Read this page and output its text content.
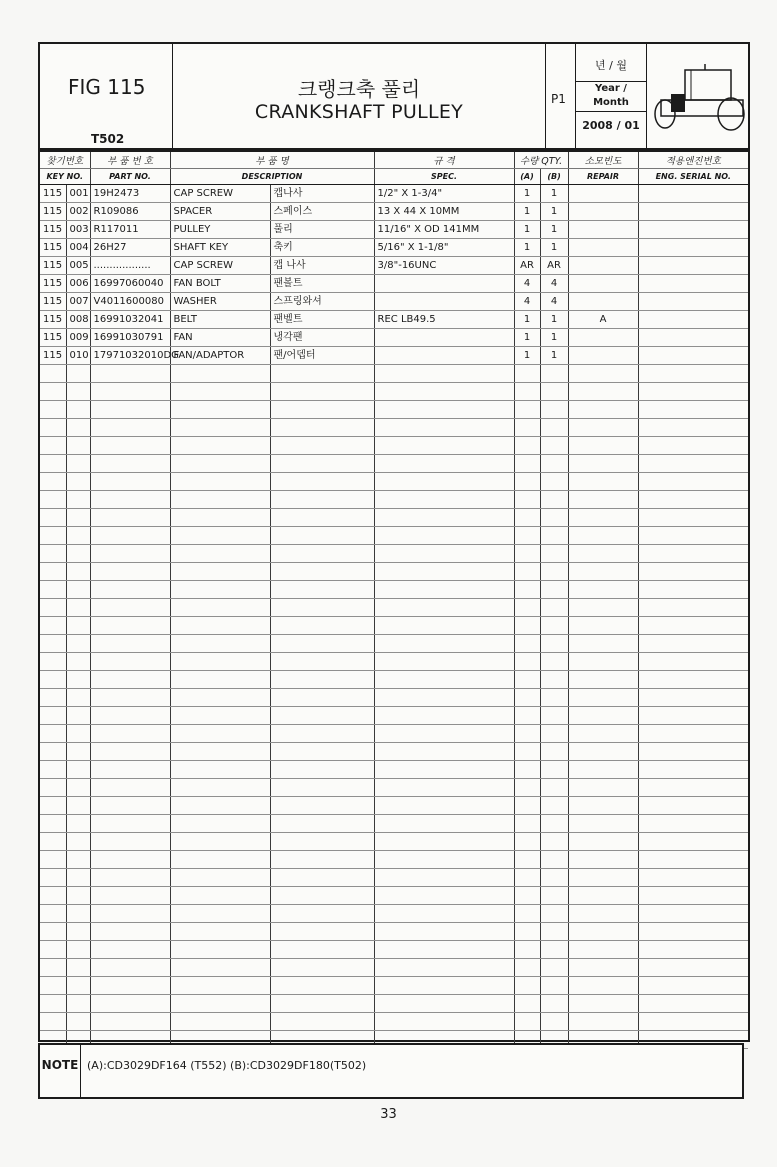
FIG 115
T502
크랭크축 풀리
CRANKSHAFT PULLEY
P1
년 / 월
Year / Month
2008 / 01
찾기번호		부 품 번 호	부 품 명		규 격	수량 QTY.		소모빈도	적용엔진번호
KEY NO.		PART NO.	DESCRIPTION		SPEC.	(A)	(B)	REPAIR	ENG. SERIAL NO.
115	001	19H2473	CAP SCREW	캡나사	1/2" X 1-3/4"	1	1		
115	002	R109086	SPACER	스페이스	13 X 44 X 10MM	1	1		
115	003	R117011	PULLEY	풀리	11/16" X OD 141MM	1	1		
115	004	26H27	SHAFT KEY	축키	5/16" X 1-1/8"	1	1		
115	005	..................	CAP SCREW	캡 나사	3/8"-16UNC	AR	AR		
115	006	16997060040	FAN BOLT	팬볼트		4	4		
115	007	V4011600080	WASHER	스프링와셔		4	4		
115	008	16991032041	BELT	팬벨트	REC LB49.5	1	1	A	
115	009	16991030791	FAN	냉각팬		1	1		
115	010	17971032010DG	FAN/ADAPTOR	팬/어뎁터		1	1		

NOTE (A):CD3029DF164 (T552) (B):CD3029DF180(T502)
33
